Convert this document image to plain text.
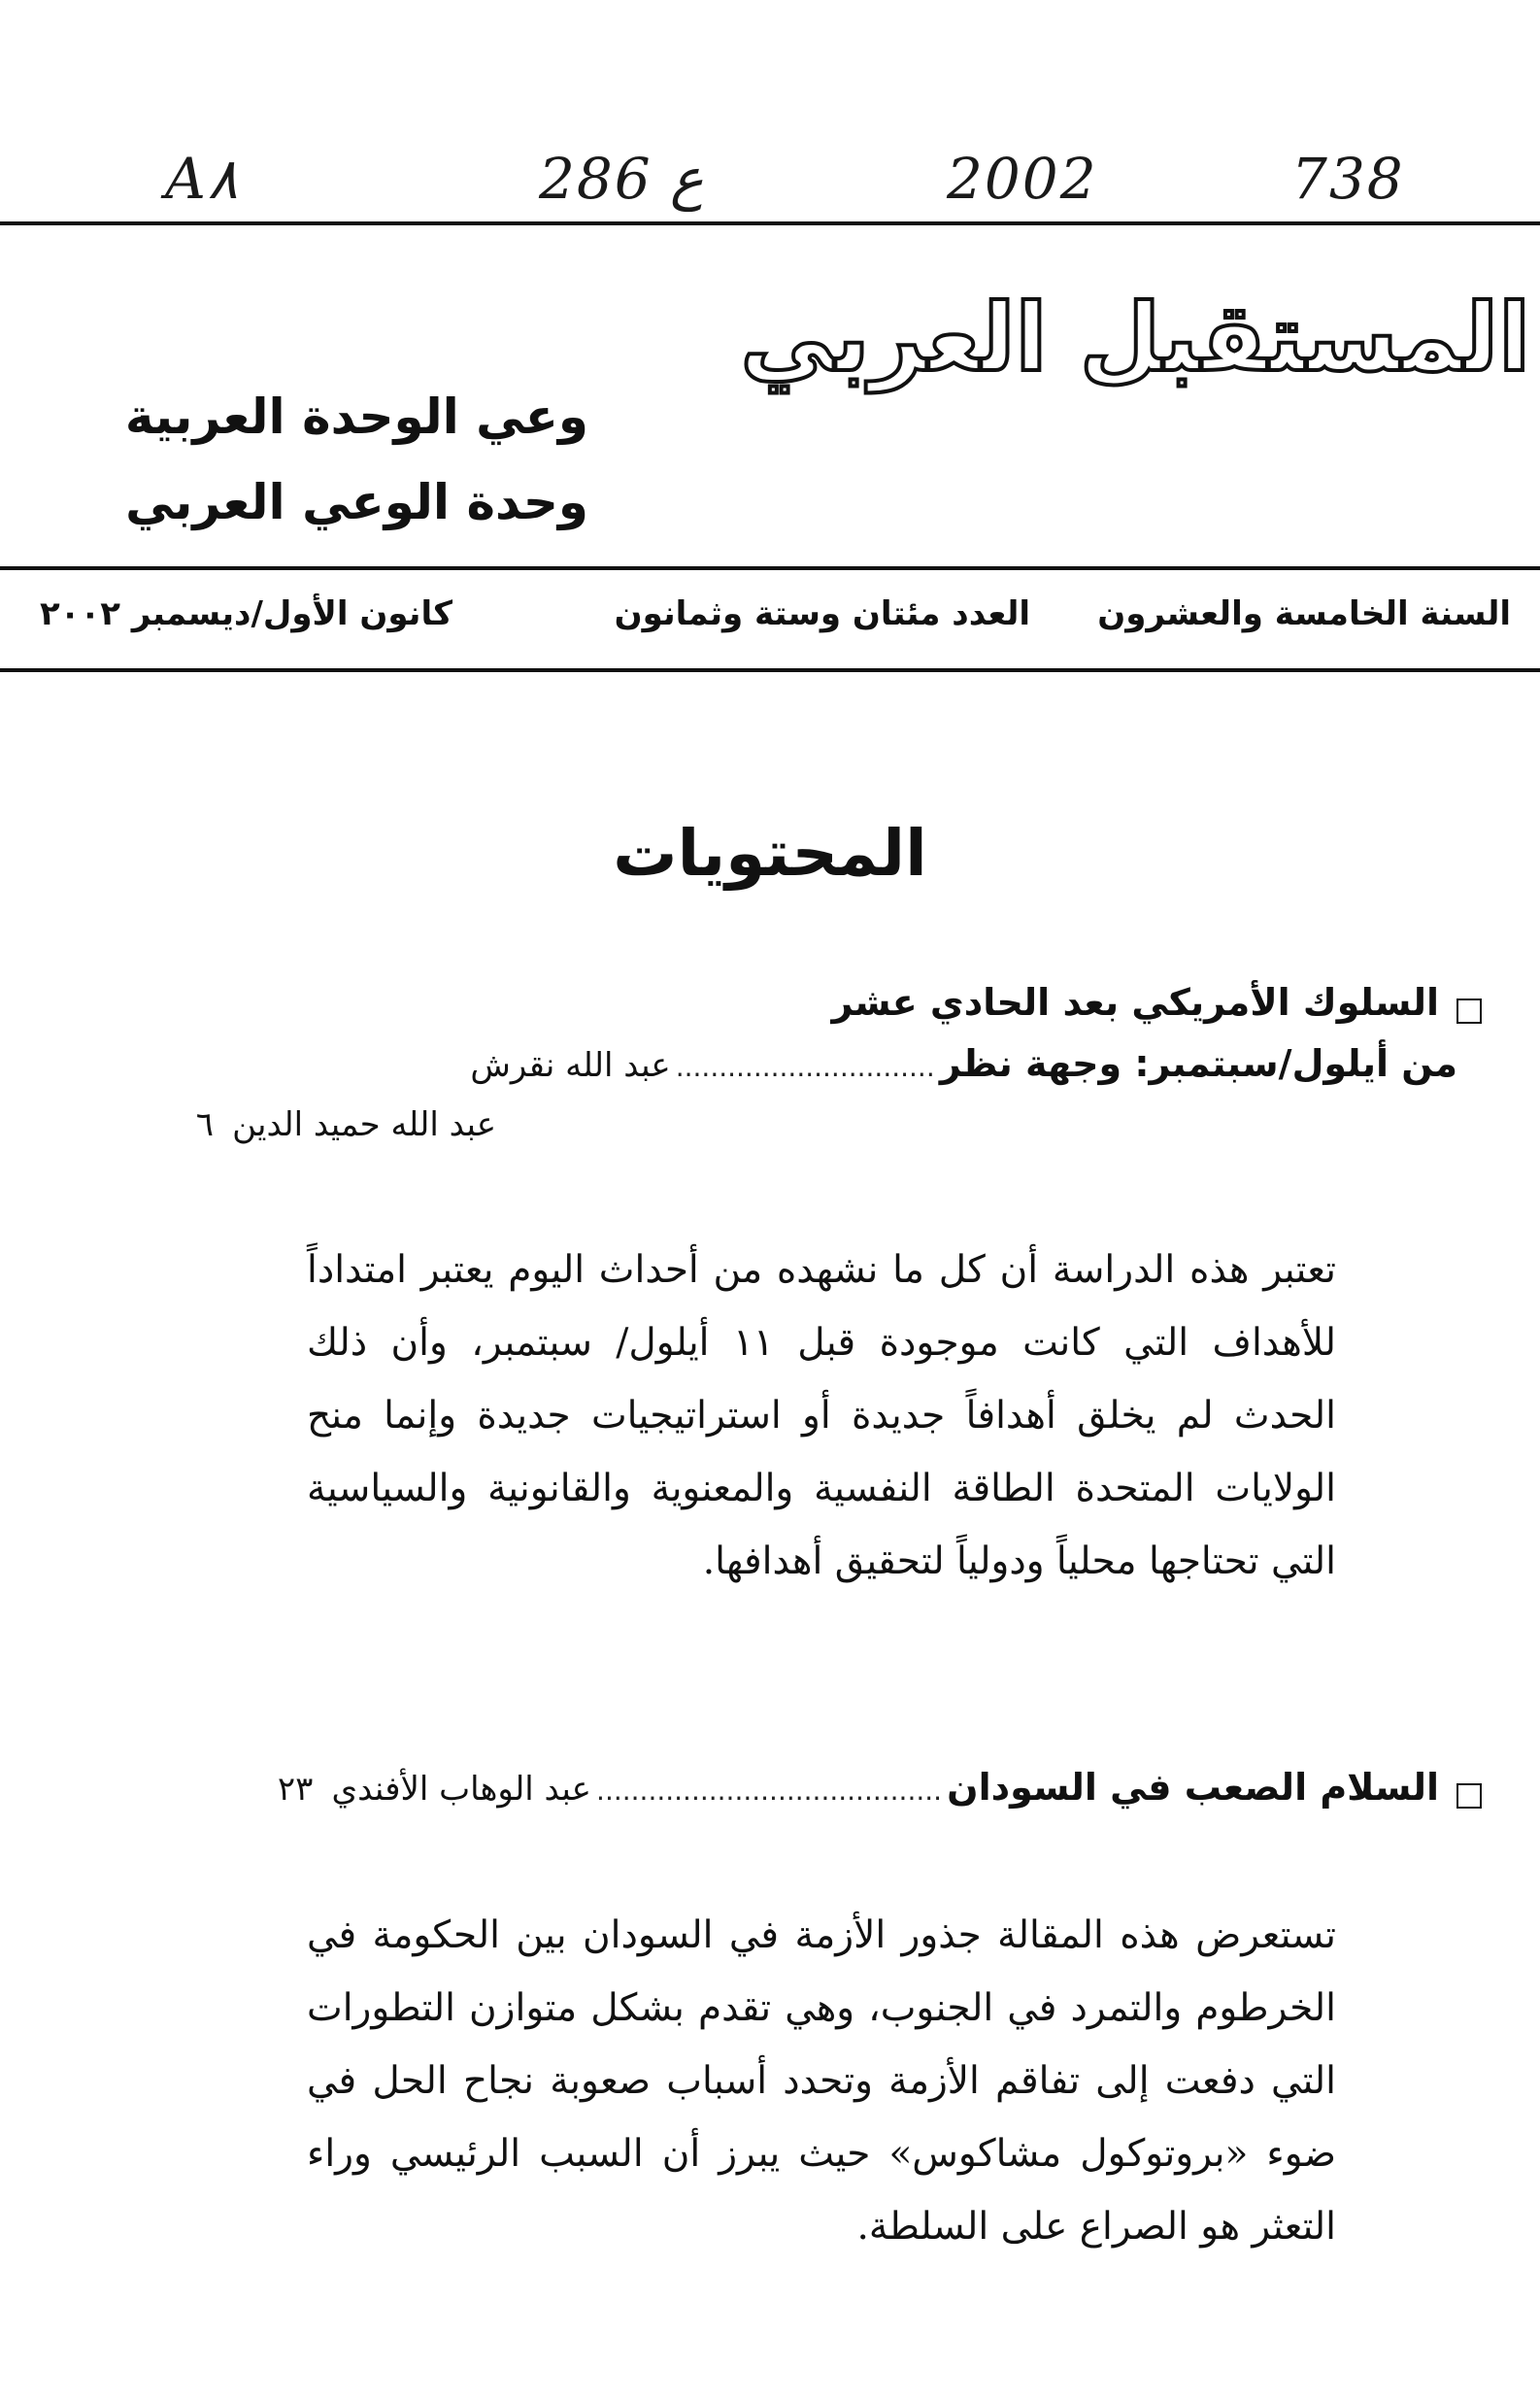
A٨	286 ع	2002	738
المستقبل العربي
وعي الوحدة العربية
وحدة الوعي العربي
السنة الخامسة والعشرون
العدد مئتان وستة وثمانون
كانون الأول/ديسمبر ٢٠٠٢
المحتويات
السلوك الأمريكي بعد الحادي عشر
من أيلول/سبتمبر: وجهة نظر .............................. عبد الله نقرش
عبد الله حميد الدين ٦
تعتبر هذه الدراسة أن كل ما نشهده من أحداث اليوم يعتبر امتداداً للأهداف التي كانت موجودة قبل ١١ أيلول/ سبتمبر، وأن ذلك الحدث لم يخلق أهدافاً جديدة أو استراتيجيات جديدة وإنما منح الولايات المتحدة الطاقة النفسية والمعنوية والقانونية والسياسية التي تحتاجها محلياً ودولياً لتحقيق أهدافها.
السلام الصعب في السودان ........................................ عبد الوهاب الأفندي ٢٣
تستعرض هذه المقالة جذور الأزمة في السودان بين الحكومة في الخرطوم والتمرد في الجنوب، وهي تقدم بشكل متوازن التطورات التي دفعت إلى تفاقم الأزمة وتحدد أسباب صعوبة نجاح الحل في ضوء «بروتوكول مشاكوس» حيث يبرز أن السبب الرئيسي وراء التعثر هو الصراع على السلطة.
